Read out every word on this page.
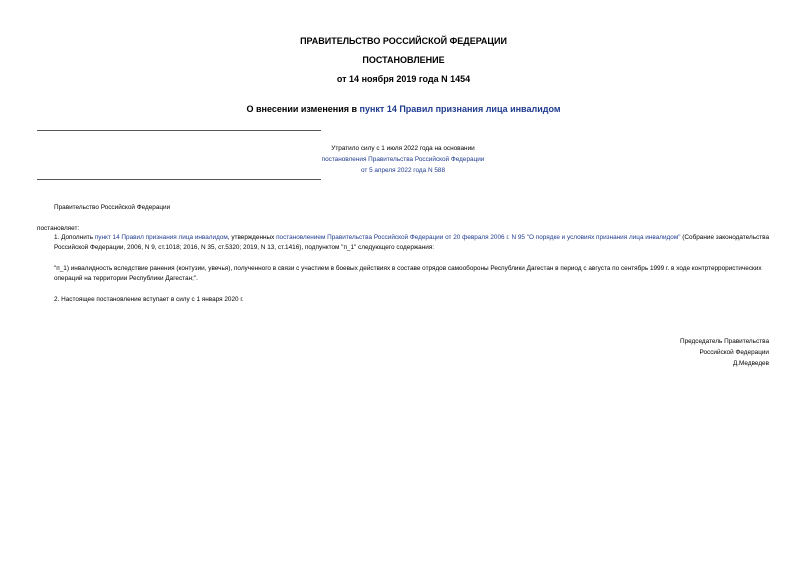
ПРАВИТЕЛЬСТВО РОССИЙСКОЙ ФЕДЕРАЦИИ
ПОСТАНОВЛЕНИЕ
от 14 ноября 2019 года N 1454
О внесении изменения в пункт 14 Правил признания лица инвалидом
Утратило силу с 1 июля 2022 года на основании
постановления Правительства Российской Федерации
от 5 апреля 2022 года N 588
Правительство Российской Федерации
постановляет:
1. Дополнить пункт 14 Правил признания лица инвалидом, утвержденных постановлением Правительства Российской Федерации от 20 февраля 2006 г. N 95 "О порядке и условиях признания лица инвалидом" (Собрание законодательства Российской Федерации, 2006, N 9, ст.1018; 2016, N 35, ст.5320; 2019, N 13, ст.1416), подпунктом "п_1" следующего содержания:
"п_1) инвалидность вследствие ранения (контузии, увечья), полученного в связи с участием в боевых действиях в составе отрядов самообороны Республики Дагестан в период с августа по сентябрь 1999 г. в ходе контртеррористических операций на территории Республики Дагестан;".
2. Настоящее постановление вступает в силу с 1 января 2020 г.
Председатель Правительства
Российской Федерации
Д.Медведев
